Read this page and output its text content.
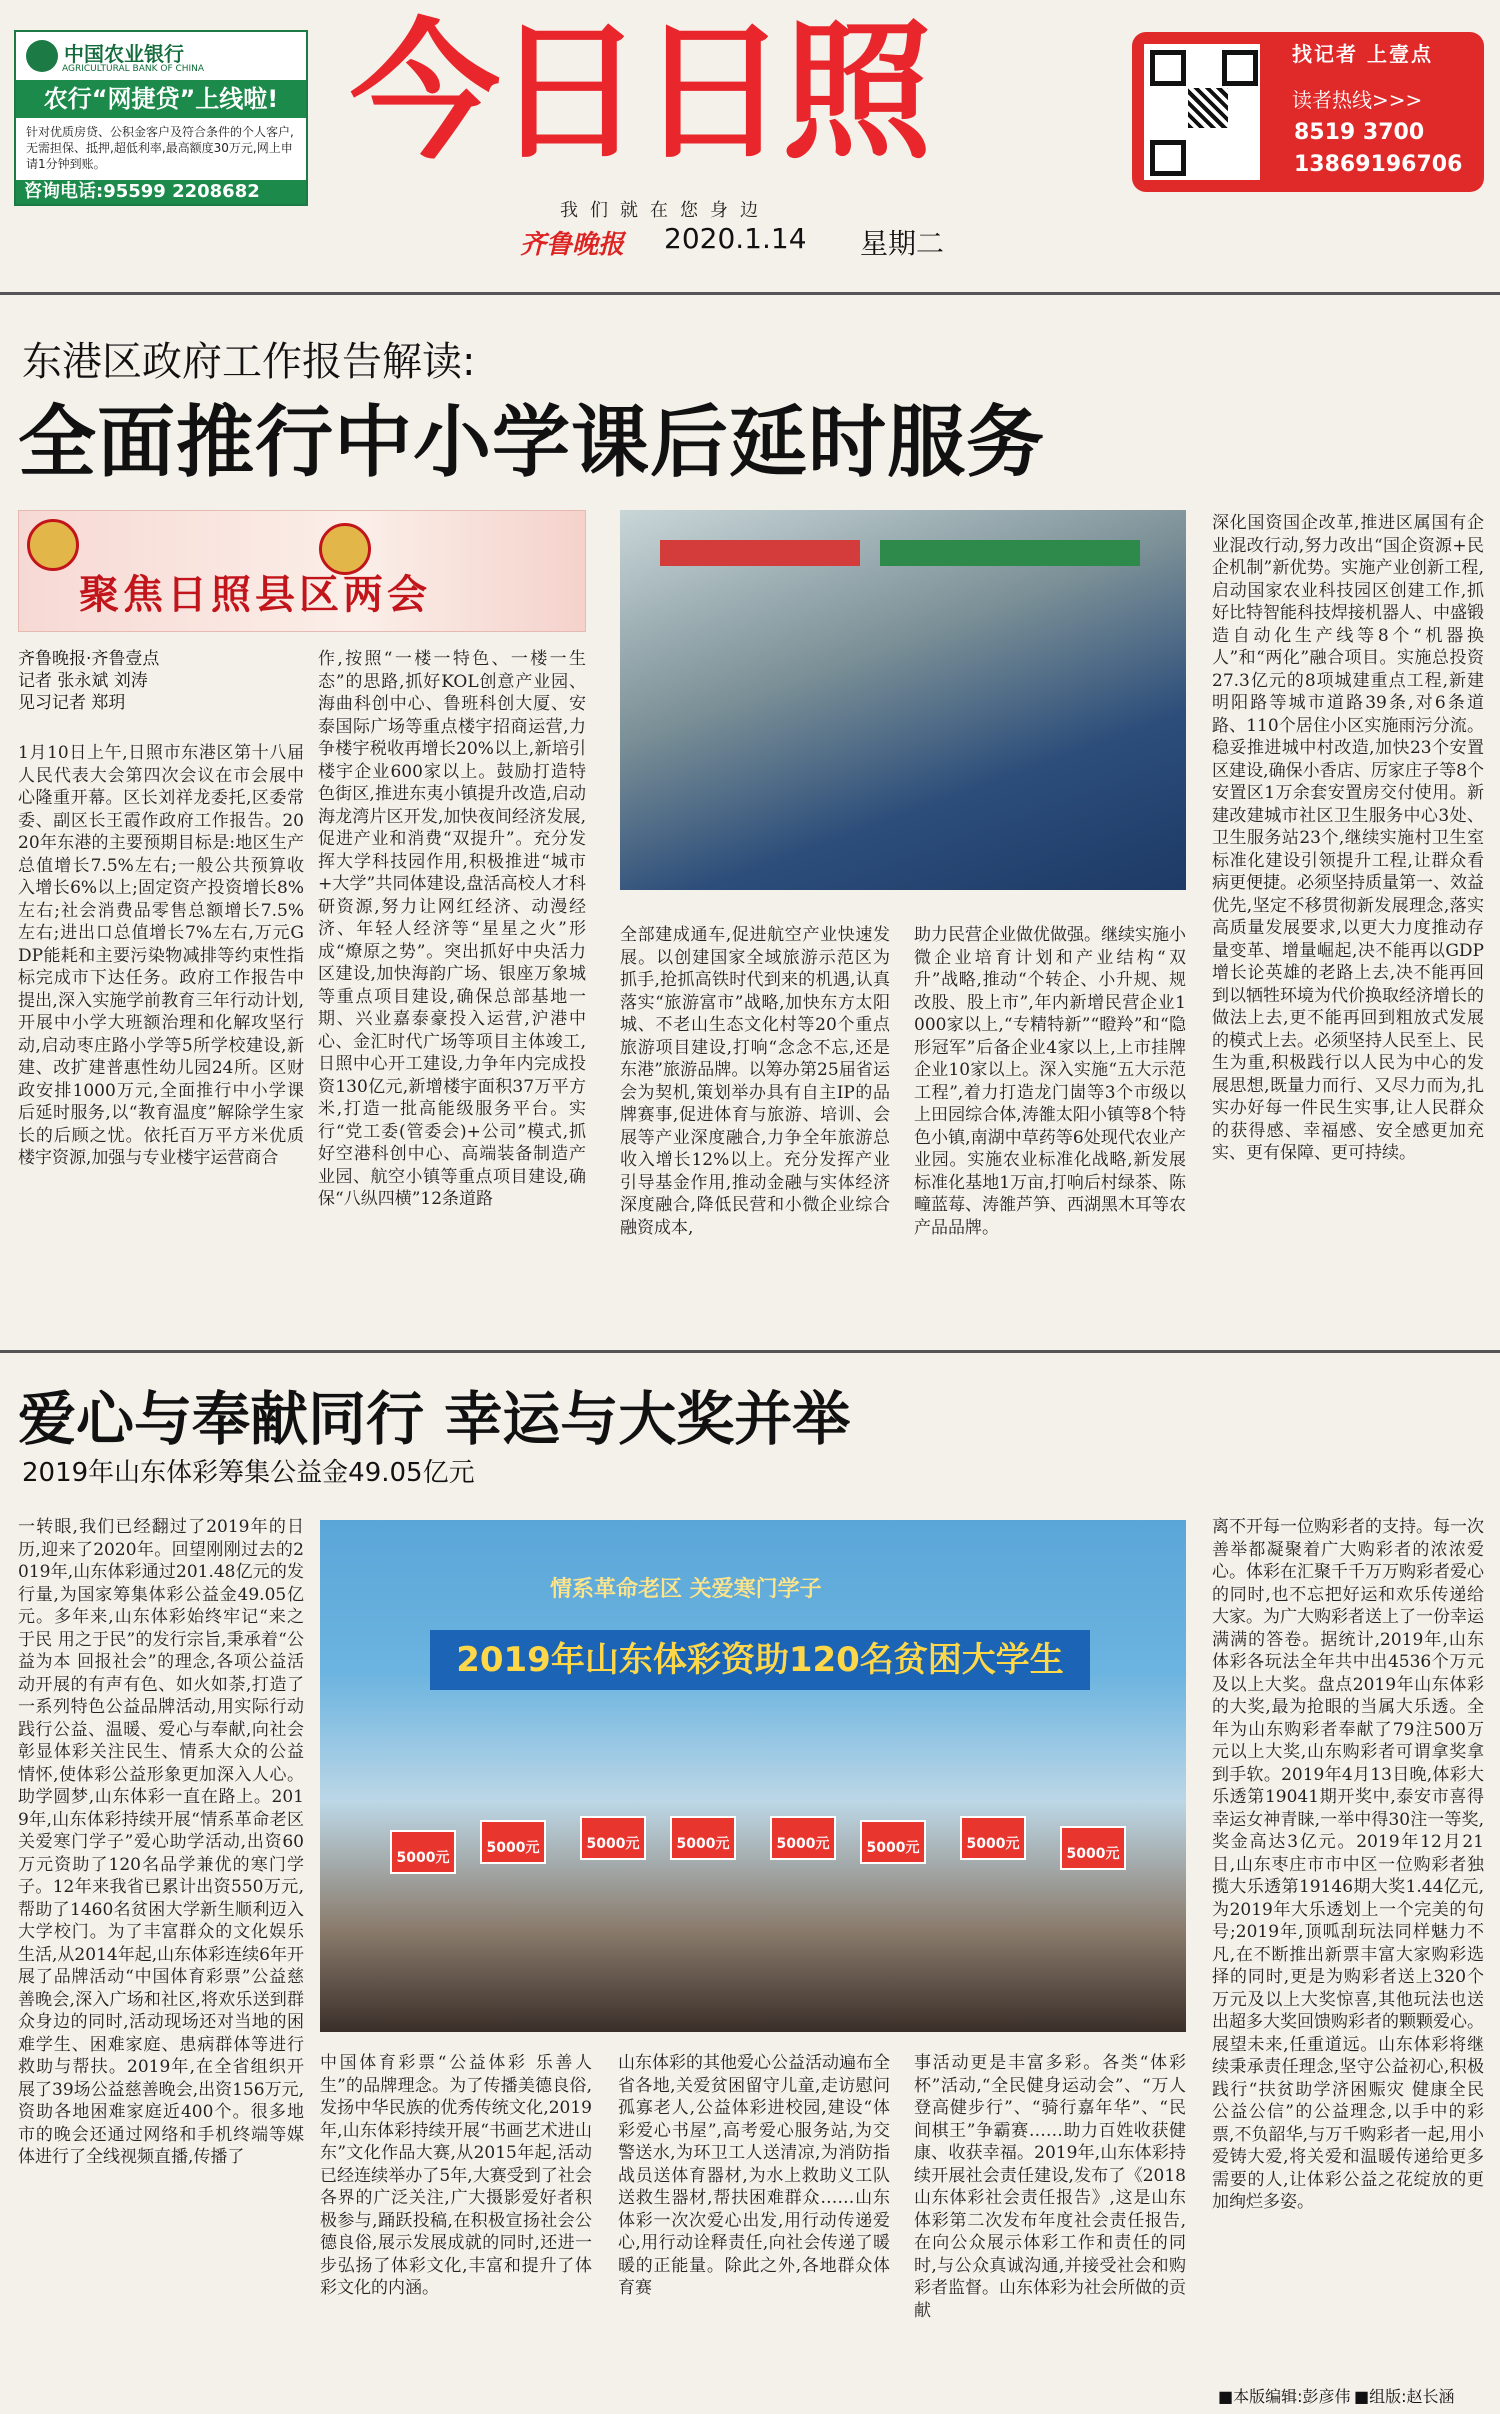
中国农业银行
AGRICULTURAL BANK OF CHINA
农行“网捷贷”上线啦!
针对优质房贷、公积金客户及符合条件的个人客户,无需担保、抵押,超低利率,最高额度30万元,网上申请1分钟到账。
咨询电话:95599 2208682
今日日照
我们就在您身边
齐鲁晚报 2020.1.14 星期二
找记者 上壹点
读者热线>>>
8519 3700
13869196706
东港区政府工作报告解读:
全面推行中小学课后延时服务
聚焦日照县区两会
齐鲁晚报·齐鲁壹点
记者 张永斌 刘涛
见习记者 郑玥
1月10日上午,日照市东港区第十八届人民代表大会第四次会议在市会展中心隆重开幕。区长刘祥龙委托,区委常委、副区长王霞作政府工作报告。2020年东港的主要预期目标是:地区生产总值增长7.5%左右;一般公共预算收入增长6%以上;固定资产投资增长8%左右;社会消费品零售总额增长7.5%左右;进出口总值增长7%左右,万元GDP能耗和主要污染物减排等约束性指标完成市下达任务。政府工作报告中提出,深入实施学前教育三年行动计划,开展中小学大班额治理和化解攻坚行动,启动枣庄路小学等5所学校建设,新建、改扩建普惠性幼儿园24所。区财政安排1000万元,全面推行中小学课后延时服务,以“教育温度”解除学生家长的后顾之忧。依托百万平方米优质楼宇资源,加强与专业楼宇运营商合
作,按照“一楼一特色、一楼一生态”的思路,抓好KOL创意产业园、海曲科创中心、鲁班科创大厦、安泰国际广场等重点楼宇招商运营,力争楼宇税收再增长20%以上,新培引楼宇企业600家以上。鼓励打造特色街区,推进东夷小镇提升改造,启动海龙湾片区开发,加快夜间经济发展,促进产业和消费“双提升”。充分发挥大学科技园作用,积极推进“城市+大学”共同体建设,盘活高校人才科研资源,努力让网红经济、动漫经济、年轻人经济等“星星之火”形成“燎原之势”。突出抓好中央活力区建设,加快海韵广场、银座万象城等重点项目建设,确保总部基地一期、兴业嘉泰豪投入运营,沪港中心、金汇时代广场等项目主体竣工,日照中心开工建设,力争年内完成投资130亿元,新增楼宇面积37万平方米,打造一批高能级服务平台。实行“党工委(管委会)+公司”模式,抓好空港科创中心、高端装备制造产业园、航空小镇等重点项目建设,确保“八纵四横”12条道路
全部建成通车,促进航空产业快速发展。以创建国家全域旅游示范区为抓手,抢抓高铁时代到来的机遇,认真落实“旅游富市”战略,加快东方太阳城、不老山生态文化村等20个重点旅游项目建设,打响“念念不忘,还是东港”旅游品牌。以筹办第25届省运会为契机,策划举办具有自主IP的品牌赛事,促进体育与旅游、培训、会展等产业深度融合,力争全年旅游总收入增长12%以上。充分发挥产业引导基金作用,推动金融与实体经济深度融合,降低民营和小微企业综合融资成本,
助力民营企业做优做强。继续实施小微企业培育计划和产业结构“双升”战略,推动“个转企、小升规、规改股、股上市”,年内新增民营企业1000家以上,“专精特新”“瞪羚”和“隐形冠军”后备企业4家以上,上市挂牌企业10家以上。深入实施“五大示范工程”,着力打造龙门崮等3个市级以上田园综合体,涛雒太阳小镇等8个特色小镇,南湖中草药等6处现代农业产业园。实施农业标准化战略,新发展标准化基地1万亩,打响后村绿茶、陈疃蓝莓、涛雒芦笋、西湖黑木耳等农产品品牌。
深化国资国企改革,推进区属国有企业混改行动,努力改出“国企资源+民企机制”新优势。实施产业创新工程,启动国家农业科技园区创建工作,抓好比特智能科技焊接机器人、中盛锻造自动化生产线等8个“机器换人”和“两化”融合项目。实施总投资27.3亿元的8项城建重点工程,新建明阳路等城市道路39条,对6条道路、110个居住小区实施雨污分流。稳妥推进城中村改造,加快23个安置区建设,确保小香店、厉家庄子等8个安置区1万余套安置房交付使用。新建改建城市社区卫生服务中心3处、卫生服务站23个,继续实施村卫生室标准化建设引领提升工程,让群众看病更便捷。必须坚持质量第一、效益优先,坚定不移贯彻新发展理念,落实高质量发展要求,以更大力度推动存量变革、增量崛起,决不能再以GDP增长论英雄的老路上去,决不能再回到以牺牲环境为代价换取经济增长的做法上去,更不能再回到粗放式发展的模式上去。必须坚持人民至上、民生为重,积极践行以人民为中心的发展思想,既量力而行、又尽力而为,扎实办好每一件民生实事,让人民群众的获得感、幸福感、安全感更加充实、更有保障、更可持续。
爱心与奉献同行 幸运与大奖并举
2019年山东体彩筹集公益金49.05亿元
情系革命老区 关爱寒门学子
2019年山东体彩资助120名贫困大学生
5000元
5000元	5000元	5000元	5000元	5000元	5000元
5000元
一转眼,我们已经翻过了2019年的日历,迎来了2020年。回望刚刚过去的2019年,山东体彩通过201.48亿元的发行量,为国家筹集体彩公益金49.05亿元。多年来,山东体彩始终牢记“来之于民 用之于民”的发行宗旨,秉承着“公益为本 回报社会”的理念,各项公益活动开展的有声有色、如火如荼,打造了一系列特色公益品牌活动,用实际行动践行公益、温暖、爱心与奉献,向社会彰显体彩关注民生、情系大众的公益情怀,使体彩公益形象更加深入人心。助学圆梦,山东体彩一直在路上。2019年,山东体彩持续开展“情系革命老区 关爱寒门学子”爱心助学活动,出资60万元资助了120名品学兼优的寒门学子。12年来我省已累计出资550万元,帮助了1460名贫困大学新生顺利迈入大学校门。为了丰富群众的文化娱乐生活,从2014年起,山东体彩连续6年开展了品牌活动“中国体育彩票”公益慈善晚会,深入广场和社区,将欢乐送到群众身边的同时,活动现场还对当地的困难学生、困难家庭、患病群体等进行救助与帮扶。2019年,在全省组织开展了39场公益慈善晚会,出资156万元,资助各地困难家庭近400个。很多地市的晚会还通过网络和手机终端等媒体进行了全线视频直播,传播了
中国体育彩票“公益体彩 乐善人生”的品牌理念。为了传播美德良俗,发扬中华民族的优秀传统文化,2019年,山东体彩持续开展“书画艺术进山东”文化作品大赛,从2015年起,活动已经连续举办了5年,大赛受到了社会各界的广泛关注,广大摄影爱好者积极参与,踊跃投稿,在积极宣扬社会公德良俗,展示发展成就的同时,还进一步弘扬了体彩文化,丰富和提升了体彩文化的内涵。
山东体彩的其他爱心公益活动遍布全省各地,关爱贫困留守儿童,走访慰问孤寡老人,公益体彩进校园,建设“体彩爱心书屋”,高考爱心服务站,为交警送水,为环卫工人送清凉,为消防指战员送体育器材,为水上救助义工队送救生器材,帮扶困难群众……山东体彩一次次爱心出发,用行动传递爱心,用行动诠释责任,向社会传递了暖暖的正能量。除此之外,各地群众体育赛
事活动更是丰富多彩。各类“体彩杯”活动,“全民健身运动会”、“万人登高健步行”、“骑行嘉年华”、“民间棋王”争霸赛……助力百姓收获健康、收获幸福。2019年,山东体彩持续开展社会责任建设,发布了《2018山东体彩社会责任报告》,这是山东体彩第二次发布年度社会责任报告,在向公众展示体彩工作和责任的同时,与公众真诚沟通,并接受社会和购彩者监督。山东体彩为社会所做的贡献
离不开每一位购彩者的支持。每一次善举都凝聚着广大购彩者的浓浓爱心。体彩在汇聚千千万万购彩者爱心的同时,也不忘把好运和欢乐传递给大家。为广大购彩者送上了一份幸运满满的答卷。据统计,2019年,山东体彩各玩法全年共中出4536个万元及以上大奖。盘点2019年山东体彩的大奖,最为抢眼的当属大乐透。全年为山东购彩者奉献了79注500万元以上大奖,山东购彩者可谓拿奖拿到手软。2019年4月13日晚,体彩大乐透第19041期开奖中,泰安市喜得幸运女神青睐,一举中得30注一等奖,奖金高达3亿元。2019年12月21日,山东枣庄市市中区一位购彩者独揽大乐透第19146期大奖1.44亿元,为2019年大乐透划上一个完美的句号;2019年,顶呱刮玩法同样魅力不凡,在不断推出新票丰富大家购彩选择的同时,更是为购彩者送上320个万元及以上大奖惊喜,其他玩法也送出超多大奖回馈购彩者的颗颗爱心。展望未来,任重道远。山东体彩将继续秉承责任理念,坚守公益初心,积极践行“扶贫助学济困赈灾 健康全民 公益公信”的公益理念,以手中的彩票,不负韶华,与万千购彩者一起,用小爱铸大爱,将关爱和温暖传递给更多需要的人,让体彩公益之花绽放的更加绚烂多姿。
■本版编辑:彭彦伟 ■组版:赵长涵
